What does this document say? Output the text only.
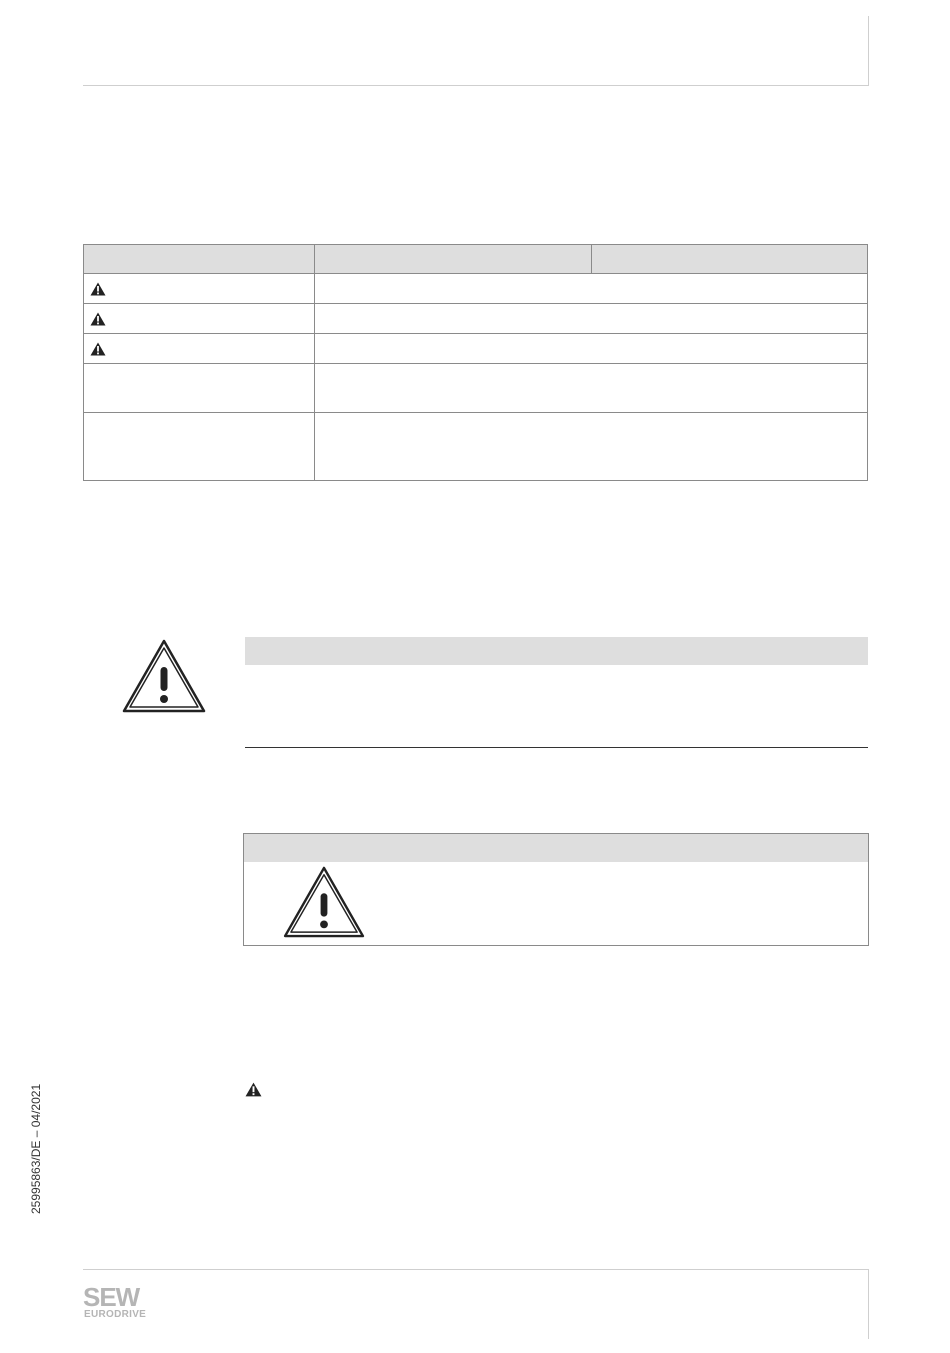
25995863/DE – 04/2021
SEW
EURODRIVE
